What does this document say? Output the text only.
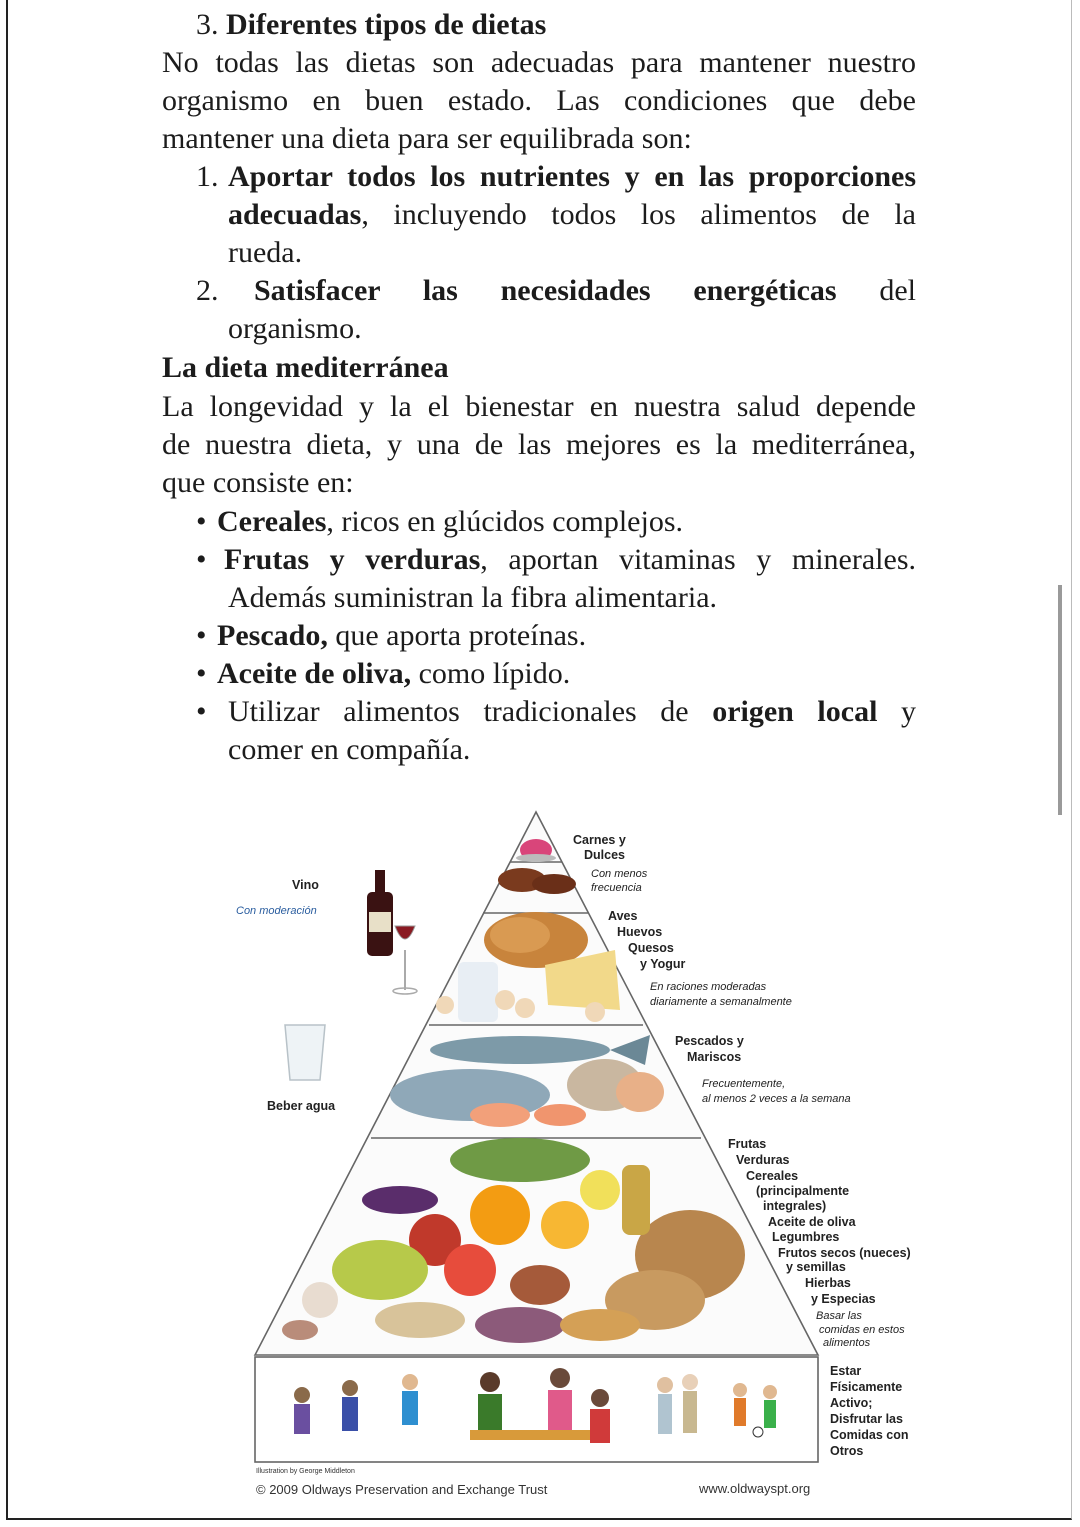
3. Diferentes tipos de dietas
No todas las dietas son adecuadas para mantener nuestro
organismo en buen estado. Las condiciones que debe
mantener una dieta para ser equilibrada son:
1. Aportar todos los nutrientes y en las proporciones
adecuadas, incluyendo todos los alimentos de la
rueda.
2. Satisfacer las necesidades energéticas del
organismo.
La dieta mediterránea
La longevidad y la el bienestar en nuestra salud depende
de nuestra dieta, y una de las mejores es la mediterránea,
que consiste en:
• Cereales, ricos en glúcidos complejos.
• Frutas y verduras, aportan vitaminas y minerales.
Además suministran la fibra alimentaria.
• Pescado, que aporta proteínas.
• Aceite de oliva, como lípido.
• Utilizar alimentos tradicionales de origen local y
comer en compañía.
Vino
Con moderación
Beber agua
Carnes y
Dulces
Con menos
frecuencia
Aves
Huevos
Quesos
y Yogur
En raciones moderadas
diariamente a semanalmente
Pescados y
Mariscos
Frecuentemente,
al menos 2 veces a la semana
Frutas
Verduras
Cereales
(principalmente
integrales)
Aceite de oliva
Legumbres
Frutos secos (nueces)
y semillas
Hierbas
y Especias
Basar las
comidas en estos
alimentos
Estar
Físicamente
Activo;
Disfrutar las
Comidas con
Otros
Illustration by George Middleton
© 2009 Oldways Preservation and Exchange Trust	www.oldwayspt.org
